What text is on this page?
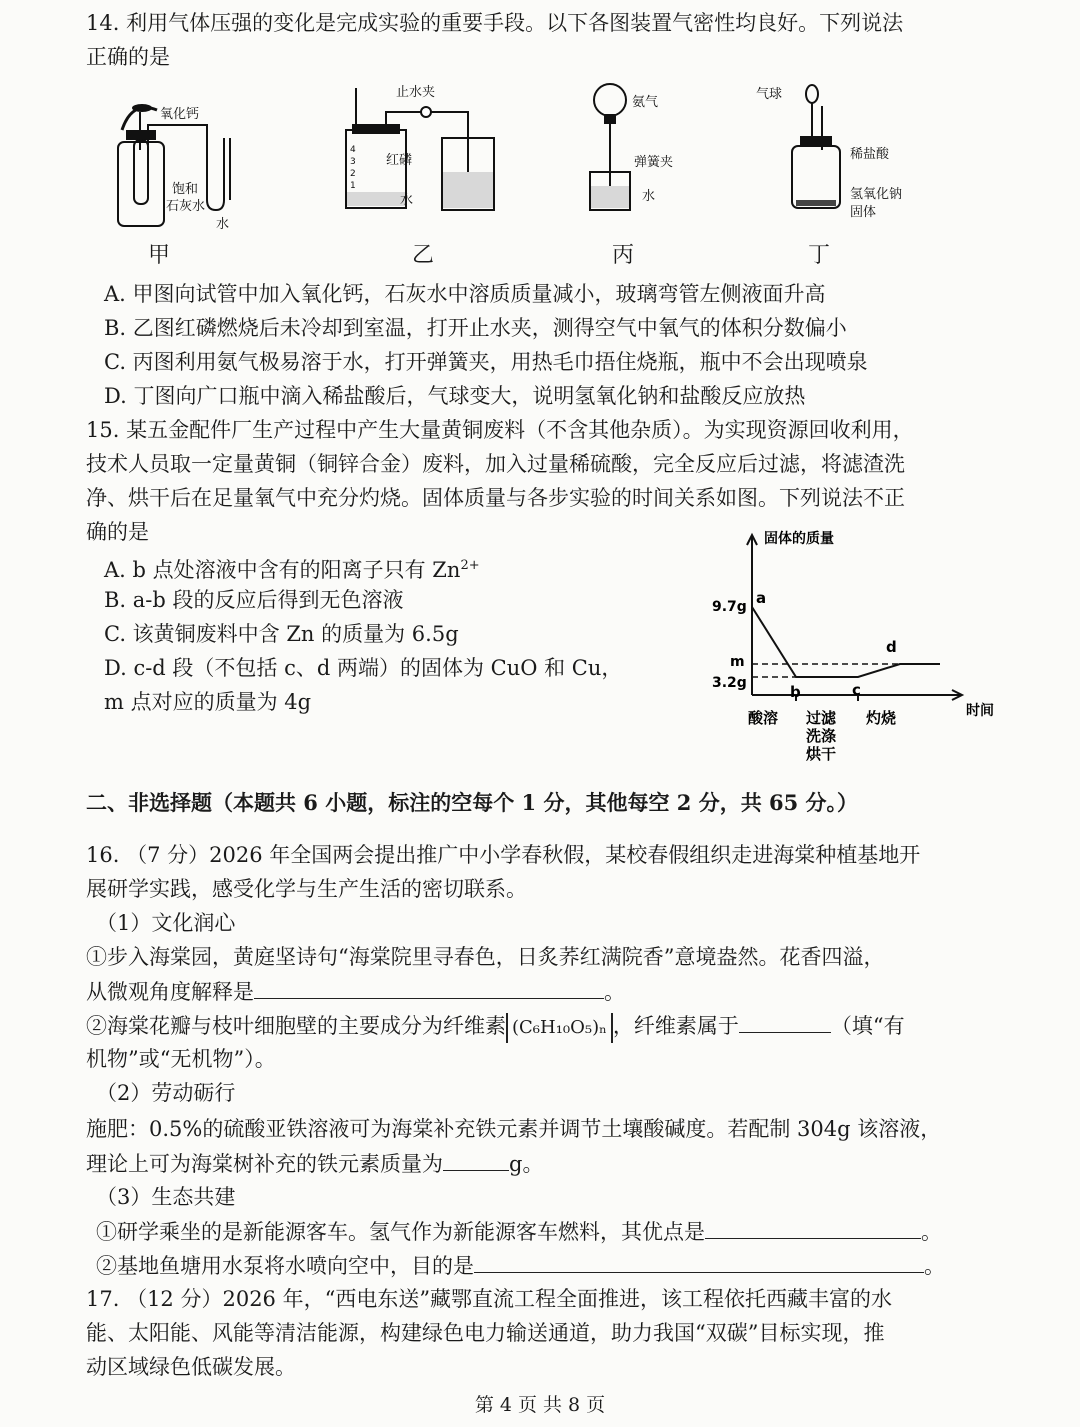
14. 利用气体压强的变化是完成实验的重要手段。以下各图装置气密性均良好。下列说法
正确的是
氧化钙
饱和
石灰水
水
甲
止水夹
红磷
水
1
2
3
4
乙
氨气
弹簧夹
水
丙
气球
稀盐酸
氢氧化钠
固体
丁
A. 甲图向试管中加入氧化钙，石灰水中溶质质量减小，玻璃弯管左侧液面升高
B. 乙图红磷燃烧后未冷却到室温，打开止水夹，测得空气中氧气的体积分数偏小
C. 丙图利用氨气极易溶于水，打开弹簧夹，用热毛巾捂住烧瓶，瓶中不会出现喷泉
D. 丁图向广口瓶中滴入稀盐酸后，气球变大，说明氢氧化钠和盐酸反应放热
15. 某五金配件厂生产过程中产生大量黄铜废料（不含其他杂质）。为实现资源回收利用，
技术人员取一定量黄铜（铜锌合金）废料，加入过量稀硫酸，完全反应后过滤，将滤渣洗
净、烘干后在足量氧气中充分灼烧。固体质量与各步实验的时间关系如图。下列说法不正
确的是
A. b 点处溶液中含有的阳离子只有 $Zn^{2+}$
B. a-b 段的反应后得到无色溶液
C. 该黄铜废料中含 Zn 的质量为 6.5g
D. c-d 段（不包括 c、d 两端）的固体为 CuO 和 Cu，
m 点对应的质量为 4g
固体的质量
时间
9.7g
m
3.2g
a
b	c
d
酸溶 过滤
洗涤
烘干
灼烧
二、非选择题（本题共 6 小题，标注的空每个 1 分，其他每空 2 分，共 65 分。）
16. （7 分）2026 年全国两会提出推广中小学春秋假，某校春假组织走进海棠种植基地开
展研学实践，感受化学与生产生活的密切联系。
（1）文化润心
①步入海棠园，黄庭坚诗句“海棠院里寻春色，日炙荞红满院香”意境盎然。花香四溢，
从微观角度解释是	。
②海棠花瓣与枝叶细胞壁的主要成分为纤维素 (C₆H₁₀O₅)ₙ ，纤维素属于	（填“有
机物”或“无机物”）。
（2）劳动砺行
施肥：0.5%的硫酸亚铁溶液可为海棠补充铁元素并调节土壤酸碱度。若配制 304g 该溶液，
理论上可为海棠树补充的铁元素质量为	g。
（3）生态共建
①研学乘坐的是新能源客车。氢气作为新能源客车燃料，其优点是	。
②基地鱼塘用水泵将水喷向空中，目的是	。
17. （12 分）2026 年，“西电东送”藏鄂直流工程全面推进，该工程依托西藏丰富的水
能、太阳能、风能等清洁能源，构建绿色电力输送通道，助力我国“双碳”目标实现，推
动区域绿色低碳发展。
第 4 页 共 8 页
